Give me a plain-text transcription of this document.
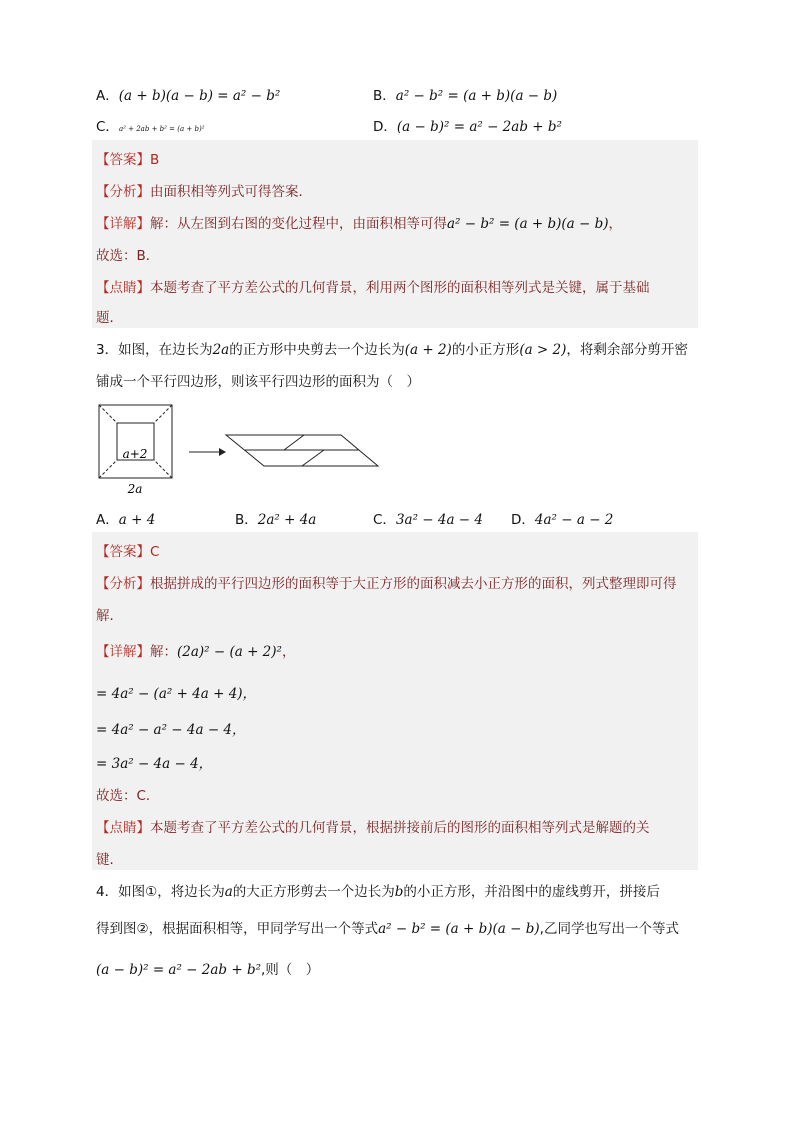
A．(a + b)(a − b) = a² − b²	B．a² − b² = (a + b)(a − b)
C．a² + 2ab + b² = (a + b)²	D．(a − b)² = a² − 2ab + b²
【答案】B
【分析】由面积相等列式可得答案．
【详解】解：从左图到右图的变化过程中，由面积相等可得a² − b² = (a + b)(a − b)，
故选：B．
【点睛】本题考查了平方差公式的几何背景，利用两个图形的面积相等列式是关键，属于基础
题．
3．如图，在边长为2a的正方形中央剪去一个边长为(a + 2)的小正方形(a > 2)，将剩余部分剪开密
铺成一个平行四边形，则该平行四边形的面积为（　）
a+2
2a
A．a + 4	B．2a² + 4a	C．3a² − 4a − 4 D．4a² − a − 2
【答案】C
【分析】根据拼成的平行四边形的面积等于大正方形的面积减去小正方形的面积，列式整理即可得
解．
【详解】解：(2a)² − (a + 2)²，
= 4a² − (a² + 4a + 4)，
= 4a² − a² − 4a − 4，
= 3a² − 4a − 4，
故选：C．
【点睛】本题考查了平方差公式的几何背景，根据拼接前后的图形的面积相等列式是解题的关
键．
4．如图①，将边长为a的大正方形剪去一个边长为b的小正方形，并沿图中的虚线剪开，拼接后
得到图②，根据面积相等，甲同学写出一个等式a² − b² = (a + b)(a − b),乙同学也写出一个等式
(a − b)² = a² − 2ab + b²,则（　）
